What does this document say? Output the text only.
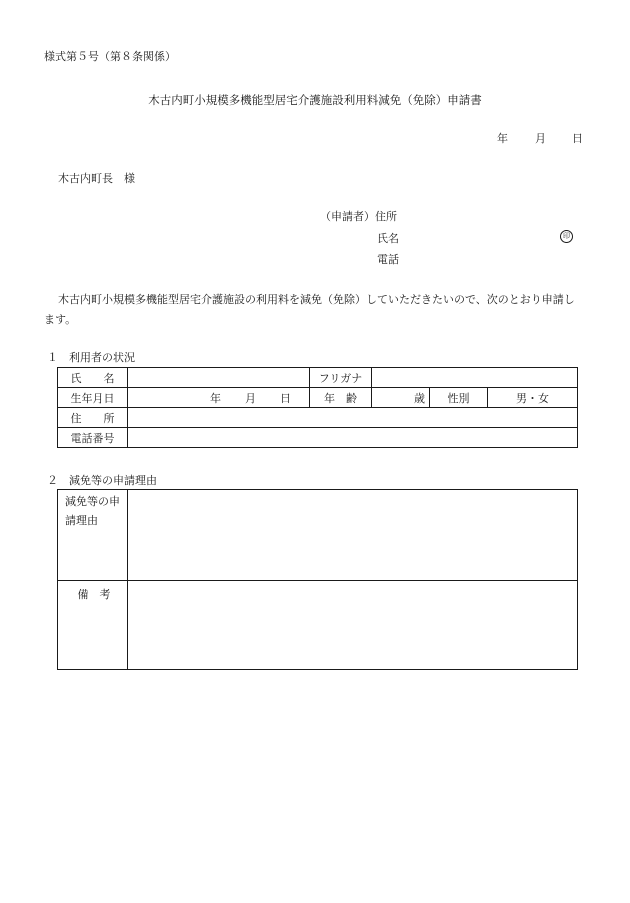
様式第５号（第８条関係）
木古内町小規模多機能型居宅介護施設利用料減免（免除）申請書
年 月 日
木古内町長　様
（申請者）住所
氏名	印
電話
木古内町小規模多機能型居宅介護施設の利用料を減免（免除）していただきたいので、次のとおり申請します。
１　利用者の状況
氏　　名		フリガナ			
生年月日	年 月 日	年　齢	歳	性別	男・女
住　　所					
電話番号					
２　減免等の申請理由
減免等の申請理由	
備　考	
